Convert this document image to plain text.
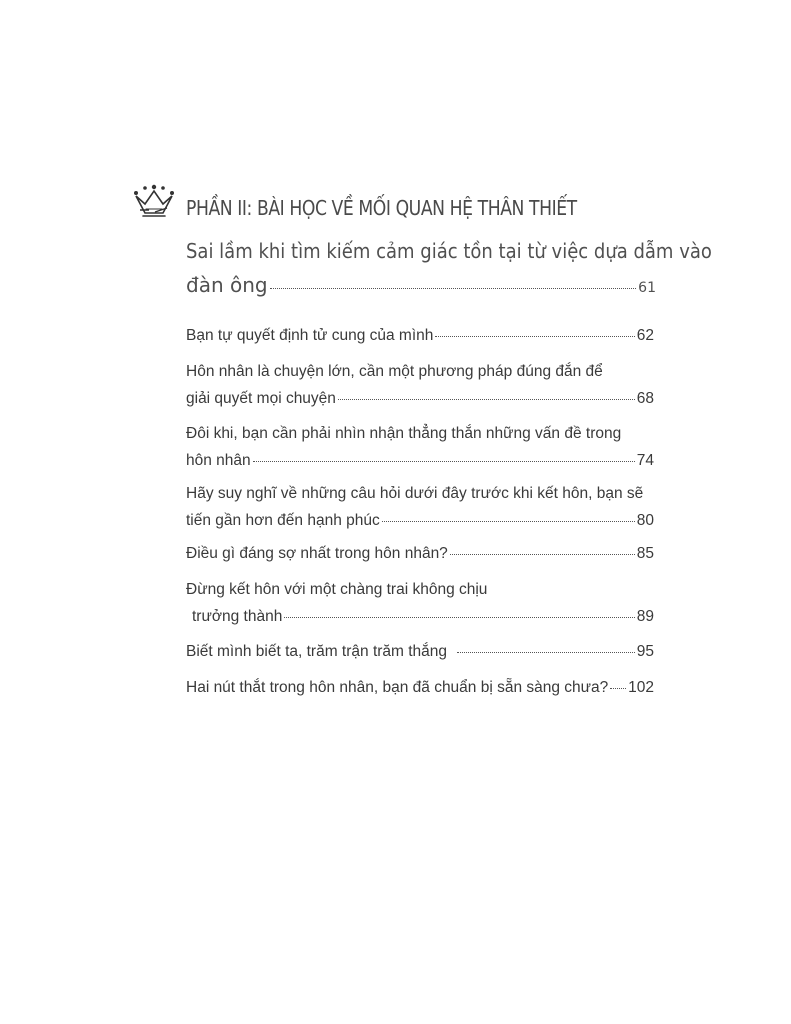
PHẦN II: BÀI HỌC VỀ MỐI QUAN HỆ THÂN THIẾT
Sai lầm khi tìm kiếm cảm giác tồn tại từ việc dựa dẫm vào
đàn ông	61
Bạn tự quyết định tử cung của mình	62
Hôn nhân là chuyện lớn, cần một phương pháp đúng đắn để
giải quyết mọi chuyện	68
Đôi khi, bạn cần phải nhìn nhận thẳng thắn những vấn đề trong
hôn nhân	74
Hãy suy nghĩ về những câu hỏi dưới đây trước khi kết hôn, bạn sẽ
tiến gần hơn đến hạnh phúc	80
Điều gì đáng sợ nhất trong hôn nhân?	85
Đừng kết hôn với một chàng trai không chịu
trưởng thành	89
Biết mình biết ta, trăm trận trăm thắng	95
Hai nút thắt trong hôn nhân, bạn đã chuẩn bị sẵn sàng chưa? 102
